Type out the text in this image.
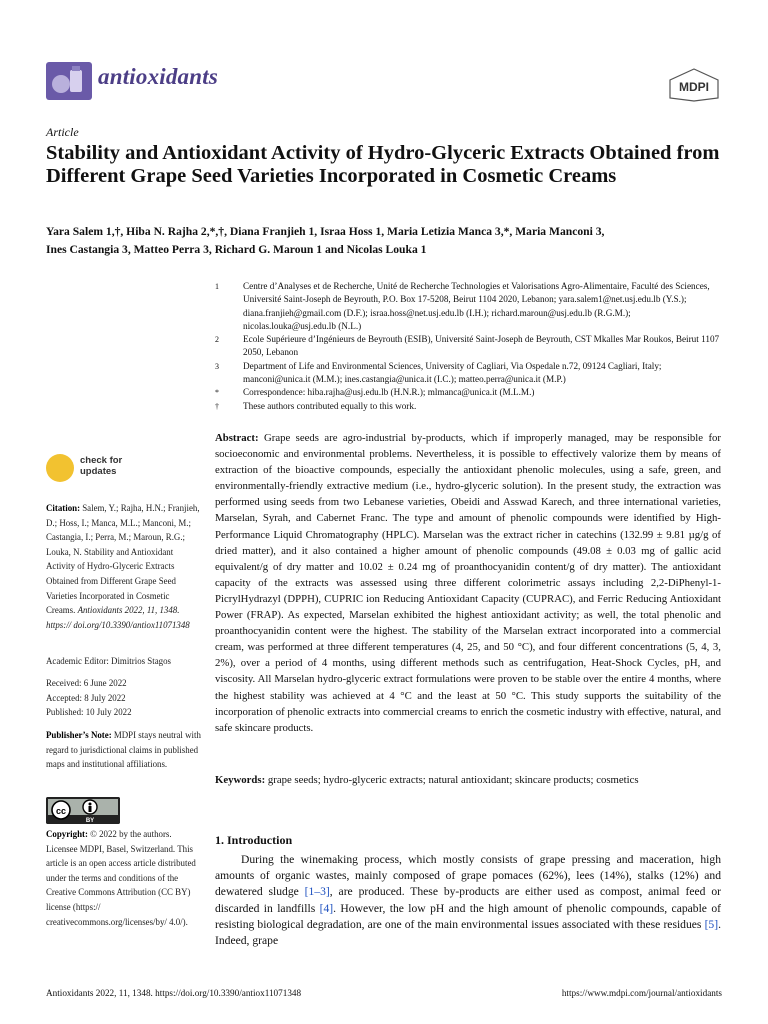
antioxidants	MDPI
Article
Stability and Antioxidant Activity of Hydro-Glyceric Extracts Obtained from Different Grape Seed Varieties Incorporated in Cosmetic Creams
Yara Salem 1,†, Hiba N. Rajha 2,*,†, Diana Franjieh 1, Israa Hoss 1, Maria Letizia Manca 3,*, Maria Manconi 3,
Ines Castangia 3, Matteo Perra 3, Richard G. Maroun 1 and Nicolas Louka 1
1	Centre d’Analyses et de Recherche, Unité de Recherche Technologies et Valorisations Agro-Alimentaire, Faculté des Sciences, Université Saint-Joseph de Beyrouth, P.O. Box 17-5208, Beirut 1104 2020, Lebanon; yara.salem1@net.usj.edu.lb (Y.S.); diana.franjieh@gmail.com (D.F.); israa.hoss@net.usj.edu.lb (I.H.); richard.maroun@usj.edu.lb (R.G.M.); nicolas.louka@usj.edu.lb (N.L.)
2	Ecole Supérieure d’Ingénieurs de Beyrouth (ESIB), Université Saint-Joseph de Beyrouth, CST Mkalles Mar Roukos, Beirut 1107 2050, Lebanon
3	Department of Life and Environmental Sciences, University of Cagliari, Via Ospedale n.72, 09124 Cagliari, Italy; manconi@unica.it (M.M.); ines.castangia@unica.it (I.C.); matteo.perra@unica.it (M.P.)
*	Correspondence: hiba.rajha@usj.edu.lb (H.N.R.); mlmanca@unica.it (M.L.M.)
†	These authors contributed equally to this work.
check for
updates
Citation: Salem, Y.; Rajha, H.N.; Franjieh, D.; Hoss, I.; Manca, M.L.; Manconi, M.; Castangia, I.; Perra, M.; Maroun, R.G.; Louka, N. Stability and Antioxidant Activity of Hydro-Glyceric Extracts Obtained from Different Grape Seed Varieties Incorporated in Cosmetic Creams. Antioxidants 2022, 11, 1348. https:// doi.org/10.3390/antiox11071348
Academic Editor: Dimitrios Stagos
Received: 6 June 2022
Accepted: 8 July 2022
Published: 10 July 2022
Publisher’s Note: MDPI stays neutral with regard to jurisdictional claims in published maps and institutional affiliations.
cc
BY
Copyright: © 2022 by the authors. Licensee MDPI, Basel, Switzerland. This article is an open access article distributed under the terms and conditions of the Creative Commons Attribution (CC BY) license (https:// creativecommons.org/licenses/by/ 4.0/).
Abstract: Grape seeds are agro-industrial by-products, which if improperly managed, may be responsible for socioeconomic and environmental problems. Nevertheless, it is possible to effectively valorize them by means of extraction of the bioactive compounds, especially the antioxidant phenolic molecules, using a safe, green, and environmentally-friendly extractive medium (i.e., hydro-glyceric solution). In the present study, the extraction was performed using seeds from two Lebanese varieties, Obeidi and Asswad Karech, and three international varieties, Marselan, Syrah, and Cabernet Franc. The type and amount of phenolic compounds were identified by High-Performance Liquid Chromatography (HPLC). Marselan was the extract richer in catechins (132.99 ± 9.81 µg/g of dried matter), and it also contained a higher amount of phenolic compounds (49.08 ± 0.03 mg of gallic acid equivalent/g of dry matter and 10.02 ± 0.24 mg of proanthocyanidin content/g of dry matter). The antioxidant capacity of the extracts was assessed using three different colorimetric assays including 2,2-DiPhenyl-1-PicrylHydrazyl (DPPH), CUPRIC ion Reducing Antioxidant Capacity (CUPRAC), and Ferric Reducing Antioxidant Power (FRAP). As expected, Marselan exhibited the highest antioxidant activity; as well, the total phenolic and proanthocyanidin content were the highest. The stability of the Marselan extract incorporated into a commercial cream, was performed at three different temperatures (4, 25, and 50 °C), and four different concentrations (5, 4, 3, 2%), over a period of 4 months, using different methods such as centrifugation, Heat-Shock Cycles, pH, and viscosity. All Marselan hydro-glyceric extract formulations were proven to be stable over the entire 4 months, where the highest stability was achieved at 4 °C and the least at 50 °C. This study supports the suitability of the incorporation of phenolic extracts into commercial creams to enrich the cosmetic industry with effective, natural, and safe skincare products.
Keywords: grape seeds; hydro-glyceric extracts; natural antioxidant; skincare products; cosmetics
1. Introduction
During the winemaking process, which mostly consists of grape pressing and maceration, high amounts of organic wastes, mainly composed of grape pomaces (62%), lees (14%), stalks (12%) and dewatered sludge [1–3], are produced. These by-products are either used as compost, animal feed or discarded in landfills [4]. However, the low pH and the high amount of phenolic compounds, capable of resisting biological degradation, are one of the main environmental issues associated with these residues [5]. Indeed, grape
Antioxidants 2022, 11, 1348. https://doi.org/10.3390/antiox11071348	https://www.mdpi.com/journal/antioxidants
